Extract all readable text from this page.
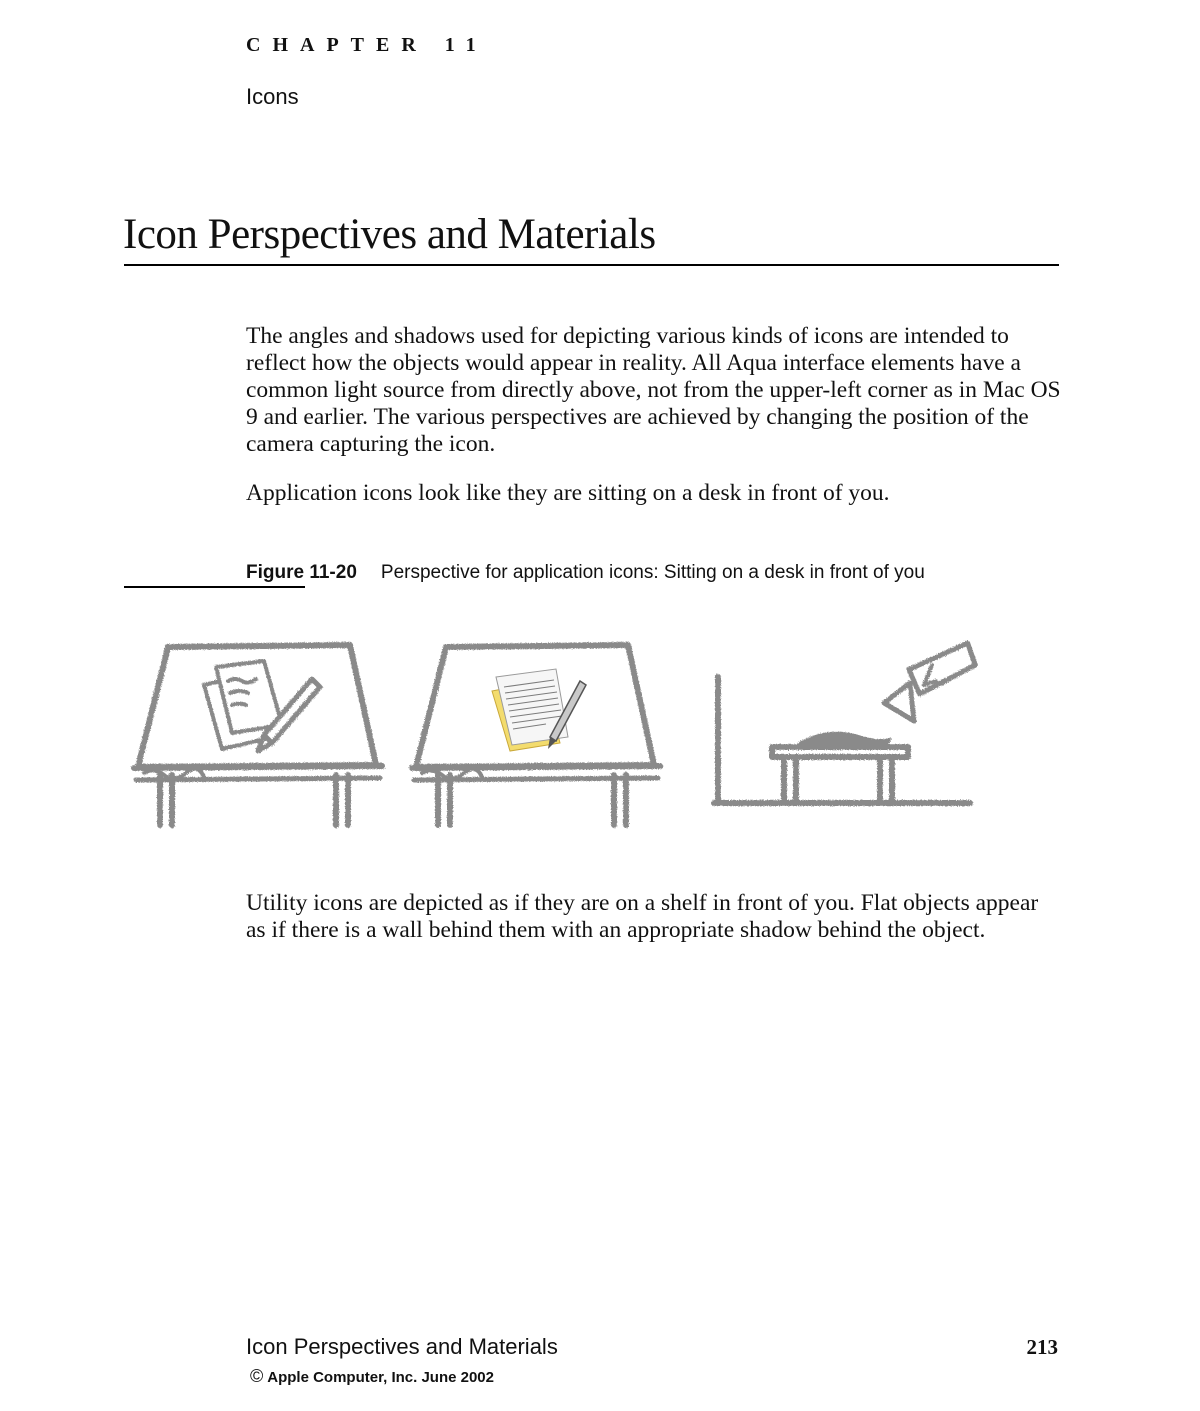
CHAPTER 11
Icons
Icon Perspectives and Materials

The angles and shadows used for depicting various kinds of icons are intended to reflect how the objects would appear in reality. All Aqua interface elements have a common light source from directly above, not from the upper-left corner as in Mac OS 9 and earlier. The various perspectives are achieved by changing the position of the camera capturing the icon.

Application icons look like they are sitting on a desk in front of you.

Figure 11-20 Perspective for application icons: Sitting on a desk in front of you

Utility icons are depicted as if they are on a shelf in front of you. Flat objects appear as if there is a wall behind them with an appropriate shadow behind the object.

Icon Perspectives and Materials	213
© Apple Computer, Inc. June 2002
